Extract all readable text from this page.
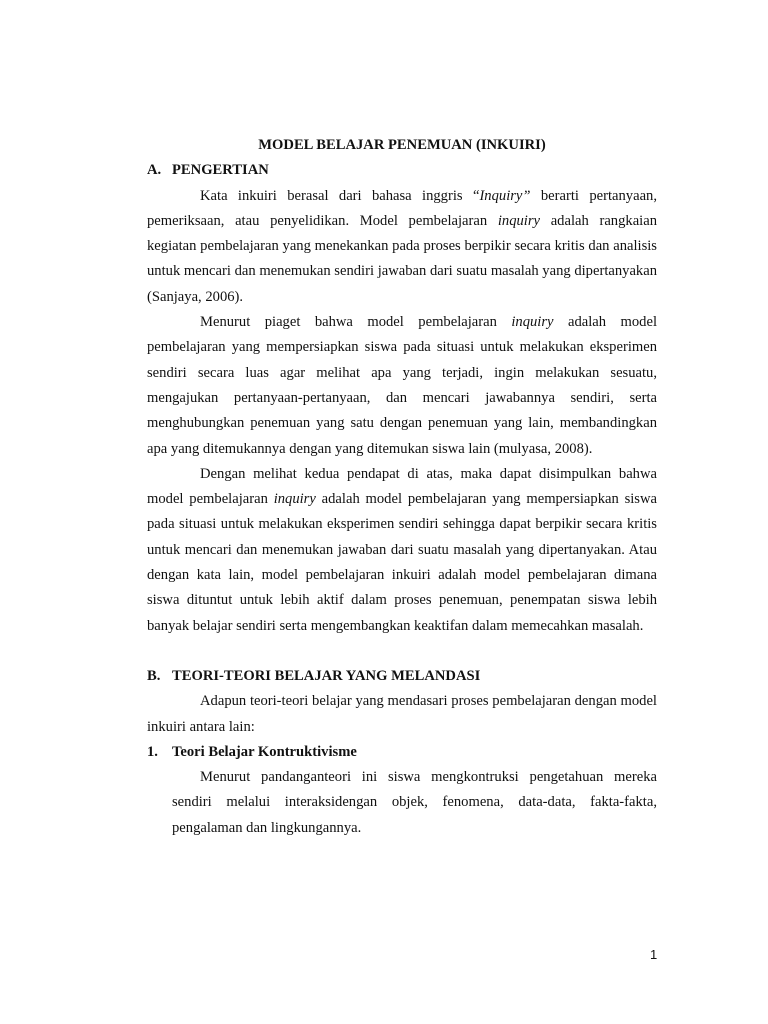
MODEL BELAJAR PENEMUAN (INKUIRI)

A. PENGERTIAN

Kata inkuiri berasal dari bahasa inggris “Inquiry” berarti pertanyaan, pemeriksaan, atau penyelidikan. Model pembelajaran inquiry adalah rangkaian kegiatan pembelajaran yang menekankan pada proses berpikir secara kritis dan analisis untuk mencari dan menemukan sendiri jawaban dari suatu masalah yang dipertanyakan (Sanjaya, 2006).

Menurut piaget bahwa model pembelajaran inquiry adalah model pembelajaran yang mempersiapkan siswa pada situasi untuk melakukan eksperimen sendiri secara luas agar melihat apa yang terjadi, ingin melakukan sesuatu, mengajukan pertanyaan-pertanyaan, dan mencari jawabannya sendiri, serta menghubungkan penemuan yang satu dengan penemuan yang lain, membandingkan apa yang ditemukannya dengan yang ditemukan siswa lain (mulyasa, 2008).

Dengan melihat kedua pendapat di atas, maka dapat disimpulkan bahwa model pembelajaran inquiry adalah model pembelajaran yang mempersiapkan siswa pada situasi untuk melakukan eksperimen sendiri sehingga dapat berpikir secara kritis untuk mencari dan menemukan jawaban dari suatu masalah yang dipertanyakan. Atau dengan kata lain, model pembelajaran inkuiri adalah model pembelajaran dimana siswa dituntut untuk lebih aktif dalam proses penemuan, penempatan siswa lebih banyak belajar sendiri serta mengembangkan keaktifan dalam memecahkan masalah.

B. TEORI-TEORI BELAJAR YANG MELANDASI

Adapun teori-teori belajar yang mendasari proses pembelajaran dengan model inkuiri antara lain:

1. Teori Belajar Kontruktivisme

Menurut pandanganteori ini siswa mengkontruksi pengetahuan mereka sendiri melalui interaksidengan objek, fenomena, data-data, fakta-fakta, pengalaman dan lingkungannya.

1
